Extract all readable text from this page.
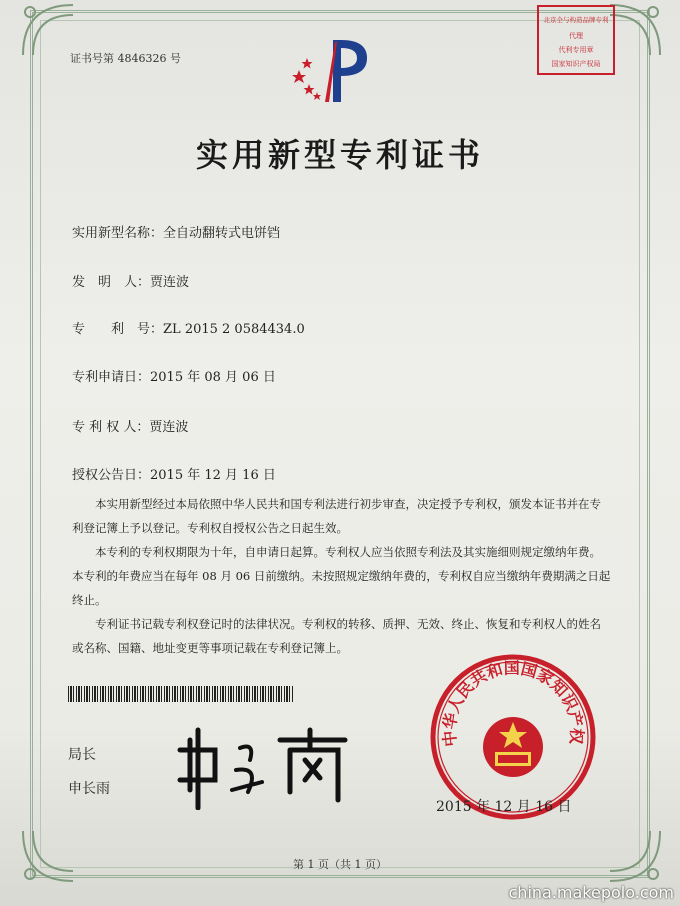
证书号第 4846326 号
北京全与构造品牌专利
代理
代利专用章
国家知识产权局
实用新型专利证书
实用新型名称：全自动翻转式电饼铛
发　明　人：贾连波
专　　利　号：ZL 2015 2 0584434.0
专利申请日：2015 年 08 月 06 日
专 利 权 人：贾连波
授权公告日：2015 年 12 月 16 日

本实用新型经过本局依照中华人民共和国专利法进行初步审查，决定授予专利权，颁发本证书并在专利登记簿上予以登记。专利权自授权公告之日起生效。

本专利的专利权期限为十年，自申请日起算。专利权人应当依照专利法及其实施细则规定缴纳年费。本专利的年费应当在每年 08 月 06 日前缴纳。未按照规定缴纳年费的，专利权自应当缴纳年费期满之日起终止。

专利证书记载专利权登记时的法律状况。专利权的转移、质押、无效、终止、恢复和专利权人的姓名或名称、国籍、地址变更等事项记载在专利登记簿上。

局长
申长雨
中华人民共和国国家知识产权
2015 年 12 月 16 日
第 1 页（共 1 页）
china.makepolo.com
